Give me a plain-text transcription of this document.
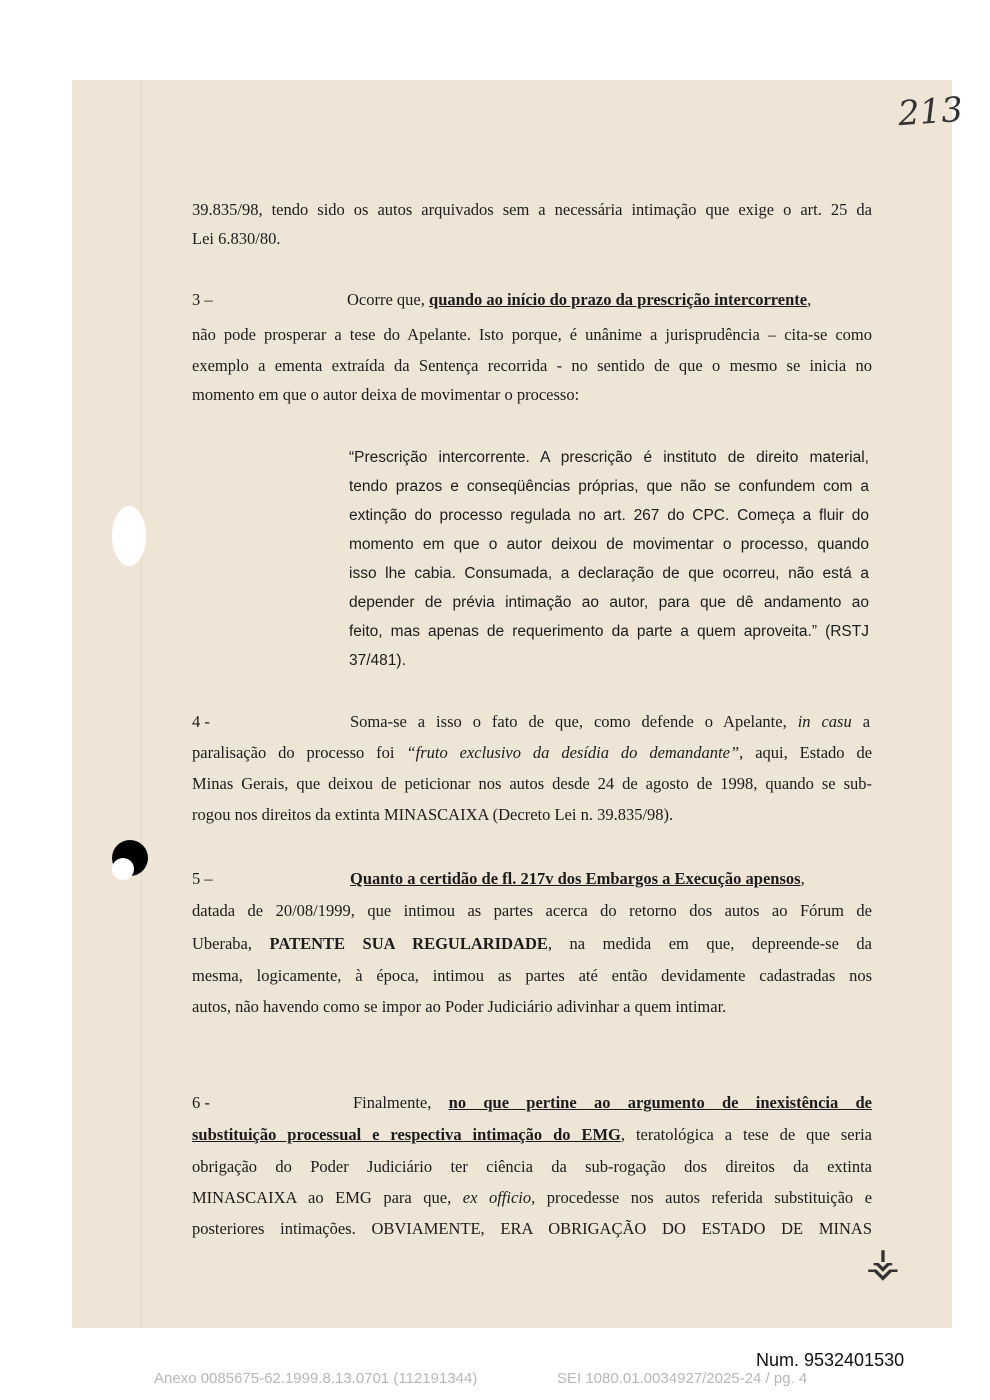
213
39.835/98, tendo sido os autos arquivados sem a necessária intimação que exige o art. 25 da
Lei 6.830/80.
3 –	Ocorre que, quando ao início do prazo da prescrição intercorrente,
não pode prosperar a tese do Apelante. Isto porque, é unânime a jurisprudência – cita-se como
exemplo a ementa extraída da Sentença recorrida - no sentido de que o mesmo se inicia no
momento em que o autor deixa de movimentar o processo:
“Prescrição intercorrente. A prescrição é instituto de direito material,
tendo prazos e conseqüências próprias, que não se confundem com a
extinção do processo regulada no art. 267 do CPC. Começa a fluir do
momento em que o autor deixou de movimentar o processo, quando
isso lhe cabia. Consumada, a declaração de que ocorreu, não está a
depender de prévia intimação ao autor, para que dê andamento ao
feito, mas apenas de requerimento da parte a quem aproveita.” (RSTJ
37/481).
4 -	Soma-se a isso o fato de que, como defende o Apelante, in casu a
paralisação do processo foi “fruto exclusivo da desídia do demandante”, aqui, Estado de
Minas Gerais, que deixou de peticionar nos autos desde 24 de agosto de 1998, quando se sub-
rogou nos direitos da extinta MINASCAIXA (Decreto Lei n. 39.835/98).
5 –	Quanto a certidão de fl. 217v dos Embargos a Execução apensos,
datada de 20/08/1999, que intimou as partes acerca do retorno dos autos ao Fórum de
Uberaba, PATENTE SUA REGULARIDADE, na medida em que, depreende-se da
mesma, logicamente, à época, intimou as partes até então devidamente cadastradas nos
autos, não havendo como se impor ao Poder Judiciário adivinhar a quem intimar.
6 -	Finalmente, no que pertine ao argumento de inexistência de
substituição processual e respectiva intimação do EMG, teratológica a tese de que seria
obrigação do Poder Judiciário ter ciência da sub-rogação dos direitos da extinta
MINASCAIXA ao EMG para que, ex officio, procedesse nos autos referida substituição e
posteriores intimações. OBVIAMENTE, ERA OBRIGAÇÃO DO ESTADO DE MINAS
⚶
Num. 9532401530
Anexo 0085675-62.1999.8.13.0701 (112191344)	SEI 1080.01.0034927/2025-24 / pg. 4
